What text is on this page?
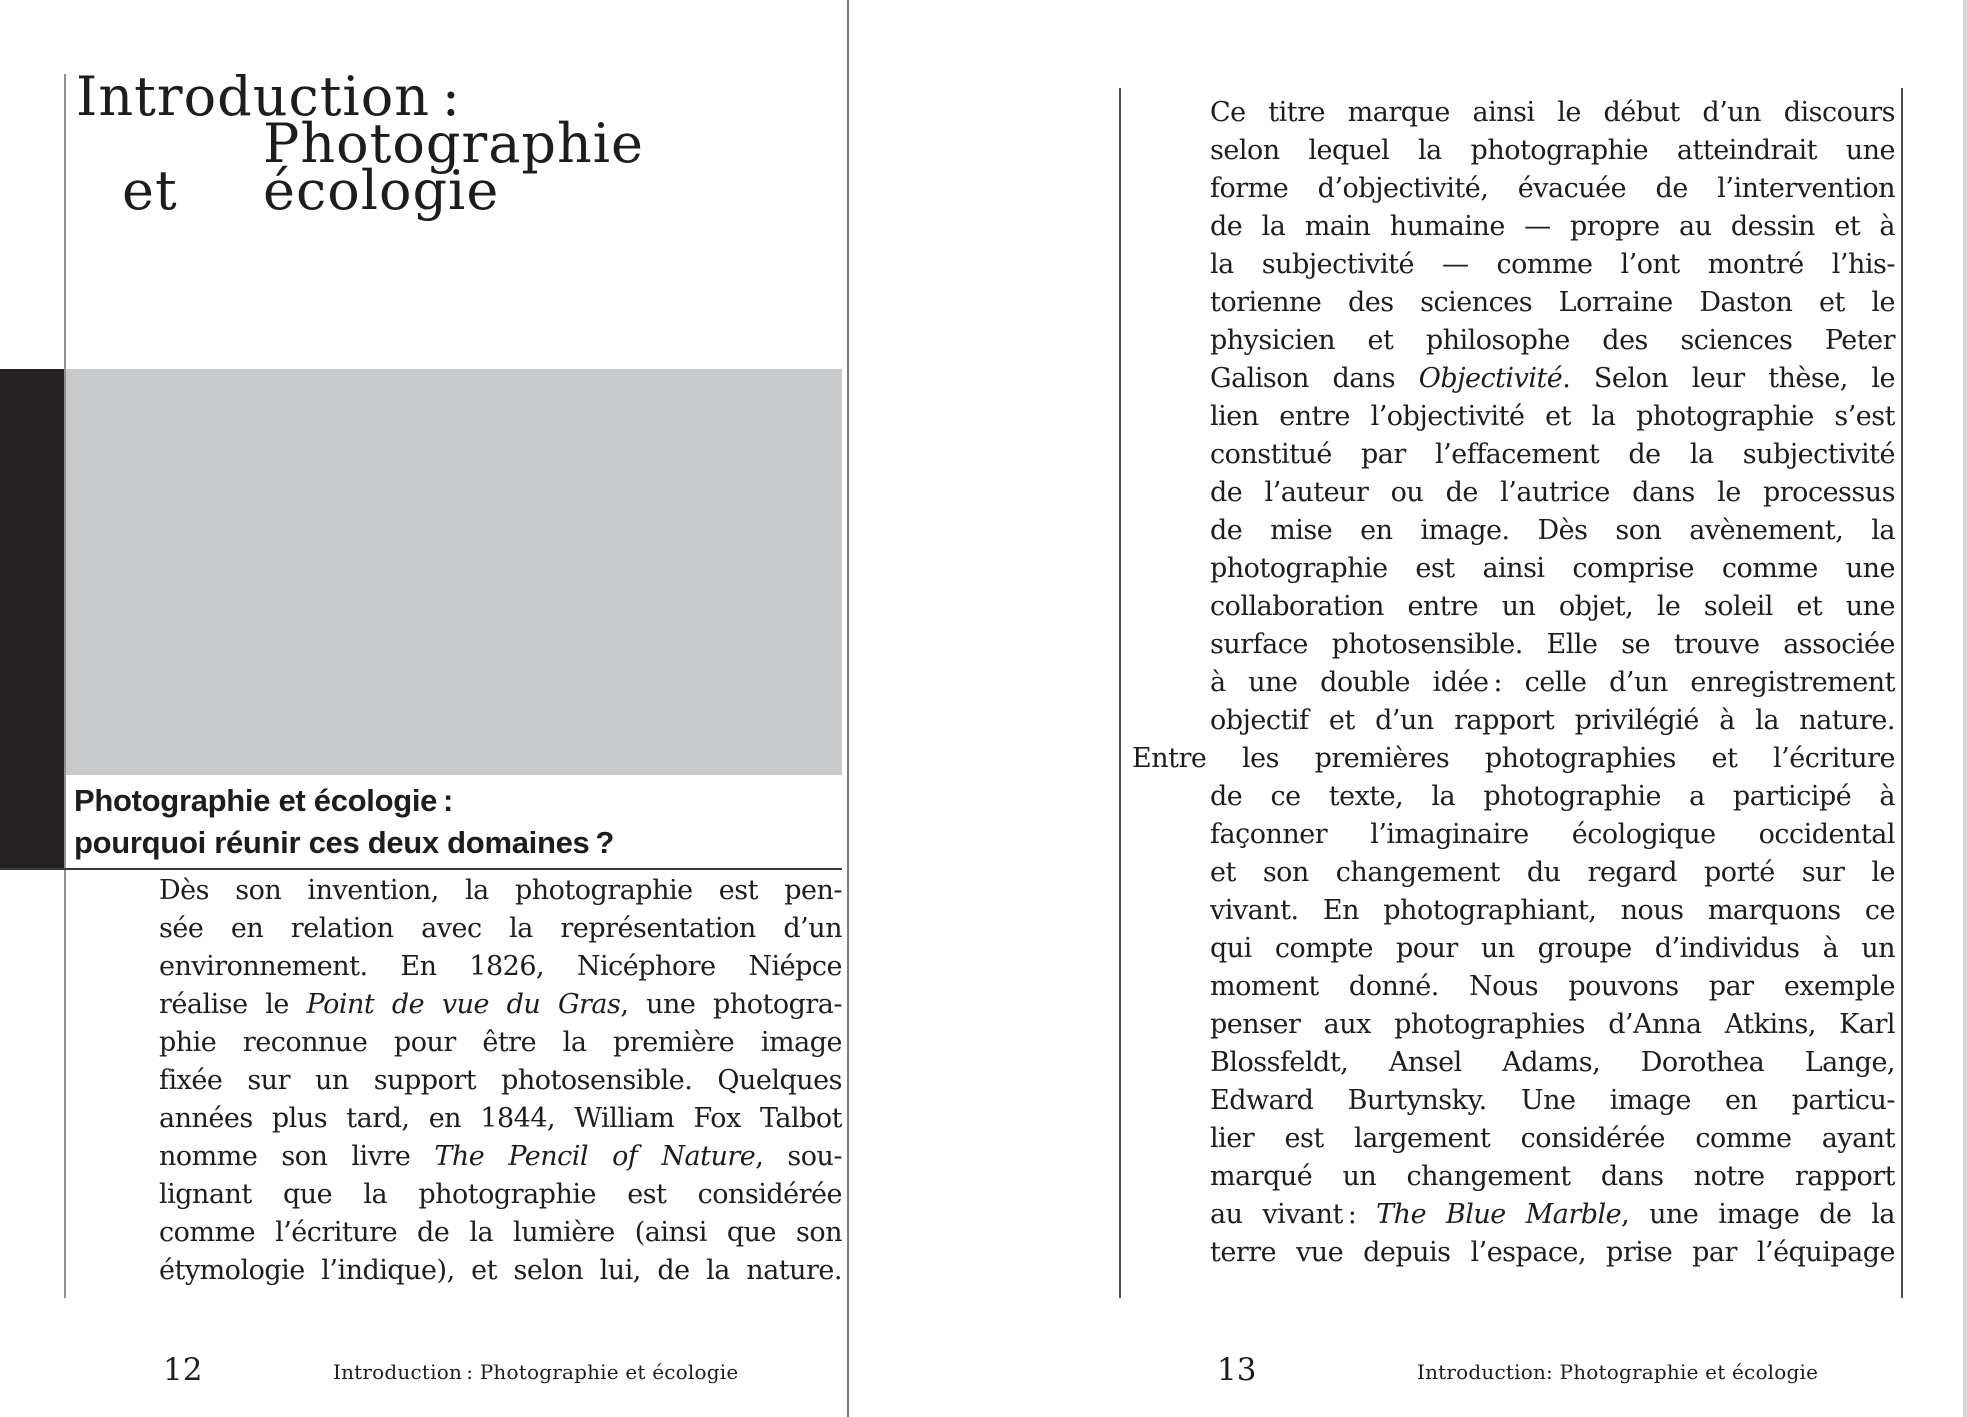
Introduction :
Photographie
et écologie
Photographie et écologie :
pourquoi réunir ces deux domaines ?
Dès son invention, la photographie est pen-
sée en relation avec la représentation d’un
environnement. En 1826, Nicéphore Niépce
réalise le Point de vue du Gras, une photogra-
phie reconnue pour être la première image
fixée sur un support photosensible. Quelques
années plus tard, en 1844, William Fox Talbot
nomme son livre The Pencil of Nature, sou-
lignant que la photographie est considérée
comme l’écriture de la lumière (ainsi que son
étymologie l’indique), et selon lui, de la nature.
12	Introduction : Photographie et écologie
Ce titre marque ainsi le début d’un discours
selon lequel la photographie atteindrait une
forme d’objectivité, évacuée de l’intervention
de la main humaine — propre au dessin et à
la subjectivité — comme l’ont montré l’his-
torienne des sciences Lorraine Daston et le
physicien et philosophe des sciences Peter
Galison dans Objectivité. Selon leur thèse, le
lien entre l’objectivité et la photographie s’est
constitué par l’effacement de la subjectivité
de l’auteur ou de l’autrice dans le processus
de mise en image. Dès son avènement, la
photographie est ainsi comprise comme une
collaboration entre un objet, le soleil et une
surface photosensible. Elle se trouve associée
à une double idée : celle d’un enregistrement
objectif et d’un rapport privilégié à la nature.
Entre les premières photographies et l’écriture
de ce texte, la photographie a participé à
façonner l’imaginaire écologique occidental
et son changement du regard porté sur le
vivant. En photographiant, nous marquons ce
qui compte pour un groupe d’individus à un
moment donné. Nous pouvons par exemple
penser aux photographies d’Anna Atkins, Karl
Blossfeldt, Ansel Adams, Dorothea Lange,
Edward Burtynsky. Une image en particu-
lier est largement considérée comme ayant
marqué un changement dans notre rapport
au vivant : The Blue Marble, une image de la
terre vue depuis l’espace, prise par l’équipage
13	Introduction: Photographie et écologie
